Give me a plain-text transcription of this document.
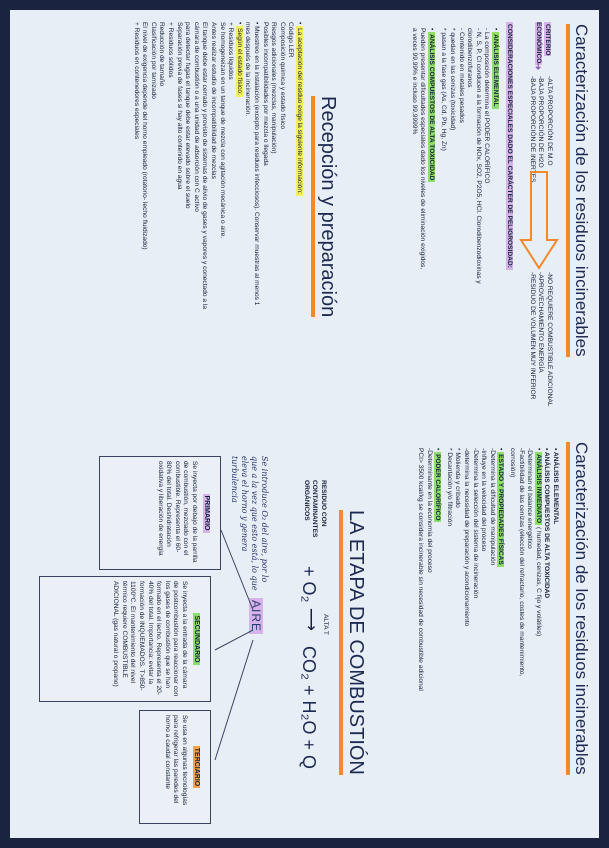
Caracterización de los residuos incinerables
CRITERIO ECONÓMICO
➜
-ALTA PROPORCIÓN DE M.O
-BAJA PROPORCIÓN DE H2O
-BAJA PROPORCIÓN DE INERTES
-NO REQUIERE COMBUSTIBLE ADICIONAL
-APROVECHAMIENTO ENERGÍA
-RESIDUO DE VOLUMEN MUY INFERIOR
CONSIDERACIONES ESPECIALES DADO EL CARÁCTER DE PELIGROSIDAD:
• ANÁLISIS ELEMENTAL
- La composición determina el PODER CALORÍFICO
- N, S, P, Cl conducen a la formación de NOx, SO2, P2O5, HCl. Clorodibenzodioxinas y
clorodibenzofuranos
- Contenido en metales pesados
* quedan en las cenizas (toxicidad)
* pasan a la fase gas (As, Cd, Pb, Hg, Zn)
• ANÁLISIS COMPUESTOS DE ALTA TOXICIDAD
Pueden presentar dificultades especiales dado los niveles de eliminación exigidos,
a veces 99,99% e incluso 99,9999%
Recepción y preparación
• La aceptación del residuo exige la siguiente información:
Código LER
Composición química y estado físico
Riesgos adicionales (mezclas, manipulación)
Posibles incompatibilidades por mezcla o llegada
• Muestreo en la instalación (excepto para residuos infecciosos). Conservar muestras al menos 1
mes después de la incineración.
• Según el estado físico:
+ Residuos líquidos
Se homogeneizan en un tanque de mezcla con agitación mecánica o aire.
Antes realizar estudio de incompatibilidad de mezclas
El tanque debe estar cerrado y provisto de sistemas de alivio de gases y vapores y conectado a la
cámara de combustión o a una unidad de adsorción con C activo
para detectar fugas el tanque debe estar elevado sobre el suelo
Separación previa de fases si hay alto contenido en agua
+ Residuos sólidos
Reducción de tamaño
Clasificación por tamizado
El nivel de exigencia depende del horno empleado (rotatorio- lecho fluidizado)
+ Residuos en contenedores especiales
Caracterización de los residuos incinerables
• ANÁLISIS ELEMENTAL
• ANÁLISIS COMPUESTOS DE ALTA TOXICIDAD
• ANÁLISIS INMEDIATO ( humedad, cenizas, C fijo y volátiles)
-Determinan el balance energético
-Factibilidad de las cenizas (elección del refractario, costes de mantenimiento,
corrosión)
• ESTADO Y PROPIEDADES FÍSICAS
-Determina la dificultad de manipulación
-Influye en la velocidad del proceso
-Determina la selección del sistema de incineración
-determina la necesidad de preparación y acondicionamiento
* Molienda y cribado
* Decantación y/o filtración
• PODER CALORÍFICO
-Determinante en la economía del proceso
PCI> 3500 kcal/kg se considera incinerable sin necesidad de combustible adicional
LA ETAPA DE COMBUSTIÓN
RESIDUO CON CONTAMINANTES ORGÁNICOS
+ O₂
ALTA T
⟶
CO₂ + H₂O + Q
Se introduce O₂ del aire, por lo que a la vez que esto está, lo que eleva el horno y genera turbulencia
AIRE
PRIMARIO
Se inyecta por debajo de la parrilla de combustión, mezclado con el combustible. Representa el 60-80% del total. Deshidratación oxidativa y liberación de energía
SECUNDARIO
Se inyecta a la entrada de la cámara de postcombustión para reaccionar con los gases de combustión que se han formado en el lecho. Representa el 20-40% del total. Importancia: evitar la formación de INQUEMADOS. T>850-1100ºC. El mantenimiento del nivel térmico requiere COMBUSTIBLE ADICIONAL (gas natural o propano)
TERCIARIO
Se usa en algunas tecnologías para refrigerar las paredes del horno a caudal constante
